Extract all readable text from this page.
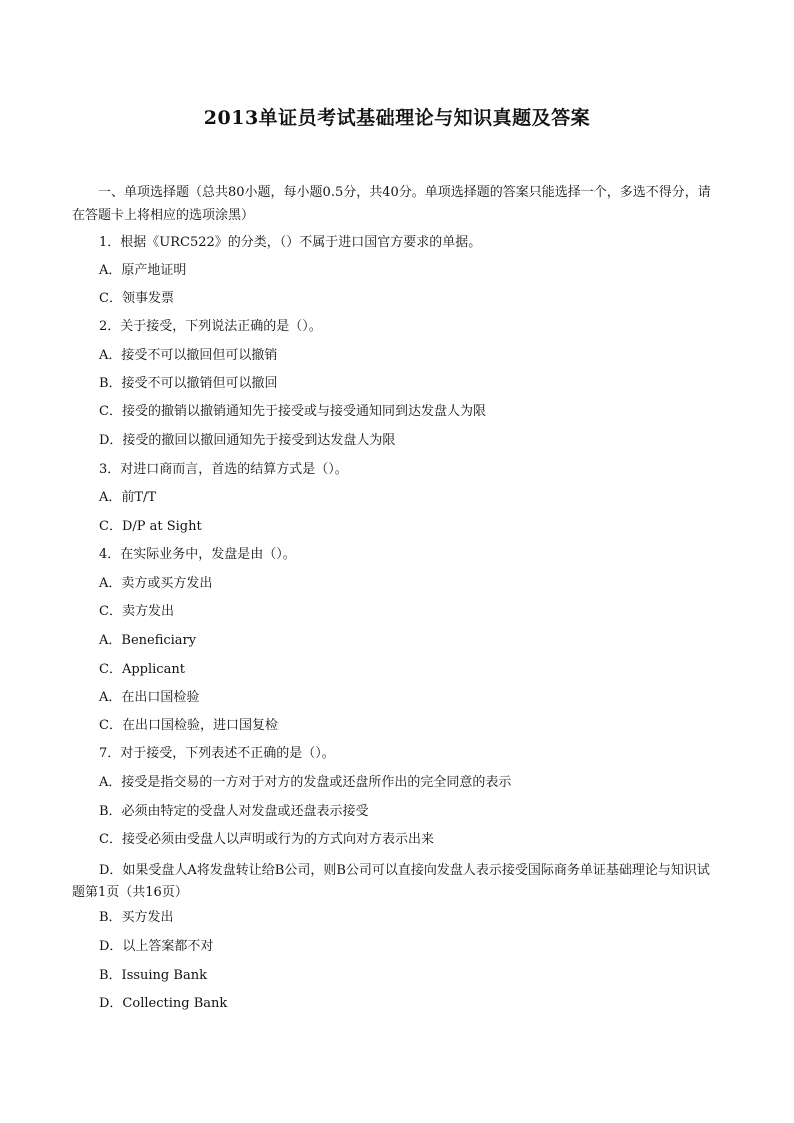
2013单证员考试基础理论与知识真题及答案
一、单项选择题（总共80小题，每小题0.5分，共40分。单项选择题的答案只能选择一个，多选不得分，请在答题卡上将相应的选项涂黑）
1．根据《URC522》的分类，（）不属于进口国官方要求的单据。
A．原产地证明
C．领事发票
2．关于接受，下列说法正确的是（）。
A．接受不可以撤回但可以撤销
B．接受不可以撤销但可以撤回
C．接受的撤销以撤销通知先于接受或与接受通知同到达发盘人为限
D．接受的撤回以撤回通知先于接受到达发盘人为限
3．对进口商而言，首选的结算方式是（）。
A．前T/T
C．D/P at Sight
4．在实际业务中，发盘是由（）。
A．卖方或买方发出
C．卖方发出
A．Beneficiary
C．Applicant
A．在出口国检验
C．在出口国检验，进口国复检
7．对于接受，下列表述不正确的是（）。
A．接受是指交易的一方对于对方的发盘或还盘所作出的完全同意的表示
B．必须由特定的受盘人对发盘或还盘表示接受
C．接受必须由受盘人以声明或行为的方式向对方表示出来
D．如果受盘人A将发盘转让给B公司，则B公司可以直接向发盘人表示接受国际商务单证基础理论与知识试题第1页（共16页）
B．买方发出
D．以上答案都不对
B．Issuing Bank
D．Collecting Bank
